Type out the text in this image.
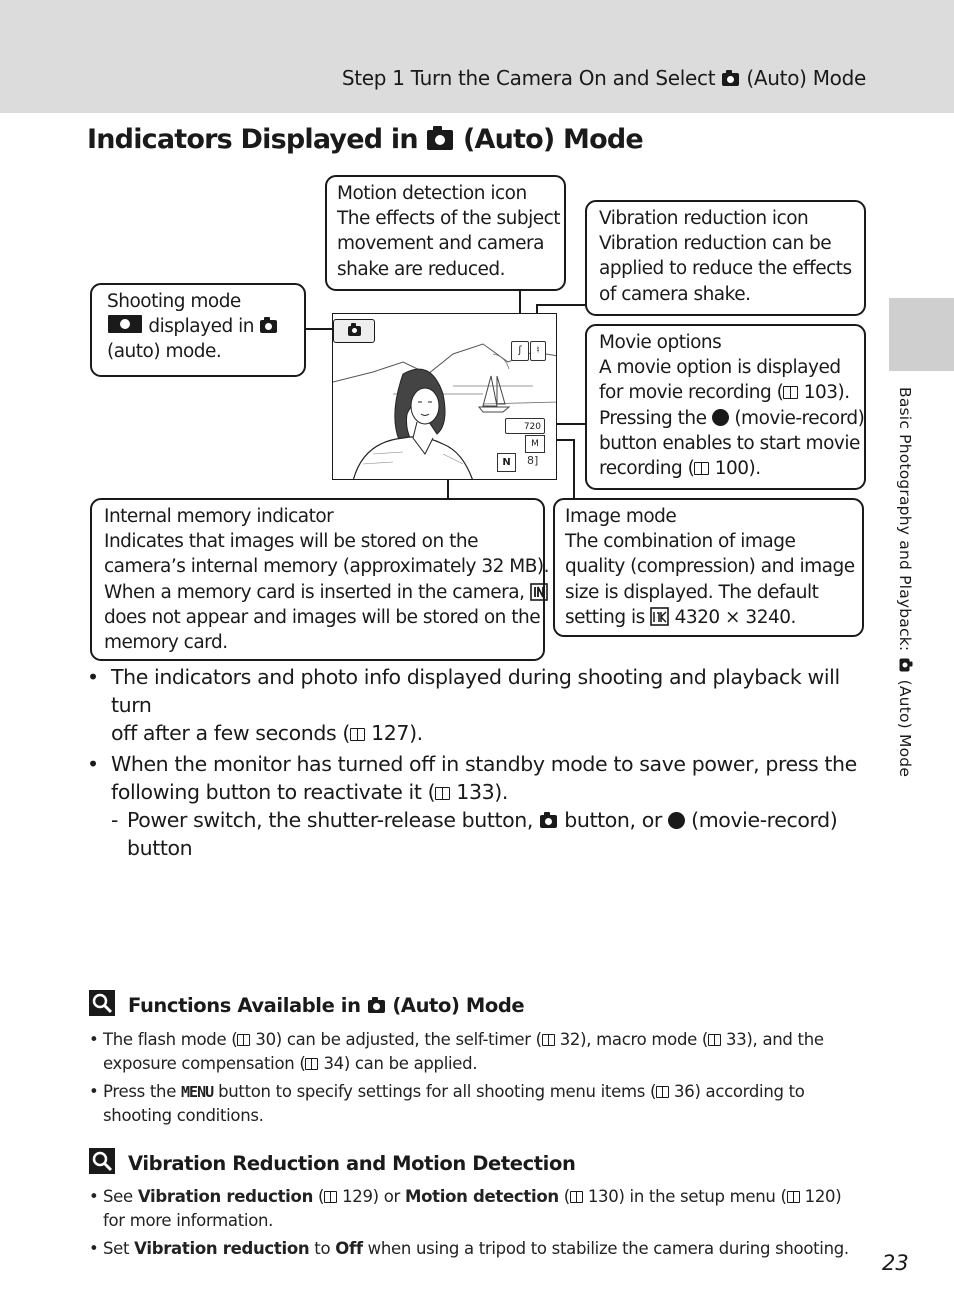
Step 1 Turn the Camera On and Select (Auto) Mode
Indicators Displayed in (Auto) Mode
Motion detection icon
The effects of the subject
movement and camera
shake are reduced.
Vibration reduction icon
Vibration reduction can be
applied to reduce the effects
of camera shake.
Shooting mode
displayed in
(auto) mode.	Movie options
A movie option is displayed
for movie recording ( 103).
Pressing the (movie-record)
button enables to start movie
recording ( 100).
Internal memory indicator
Indicates that images will be stored on the
camera’s internal memory (approximately 32 MB).
When a memory card is inserted in the camera,
does not appear and images will be stored on the
memory card.
Image mode
The combination of image
quality (compression) and image
size is displayed. The default
setting is 4320 × 3240.
ʃ	♮
720
M
N	8]
• The indicators and photo info displayed during shooting and playback will turn
off after a few seconds ( 127).
• When the monitor has turned off in standby mode to save power, press the
following button to reactivate it ( 133).
- Power switch, the shutter-release button, button, or (movie-record)
button
Functions Available in (Auto) Mode
• The flash mode ( 30) can be adjusted, the self-timer ( 32), macro mode ( 33), and the
exposure compensation ( 34) can be applied.
• Press the MENU button to specify settings for all shooting menu items ( 36) according to
shooting conditions.
Vibration Reduction and Motion Detection
• See Vibration reduction ( 129) or Motion detection ( 130) in the setup menu ( 120)
for more information.
• Set Vibration reduction to Off when using a tripod to stabilize the camera during shooting.
Basic Photography and Playback:  (Auto) Mode
23
